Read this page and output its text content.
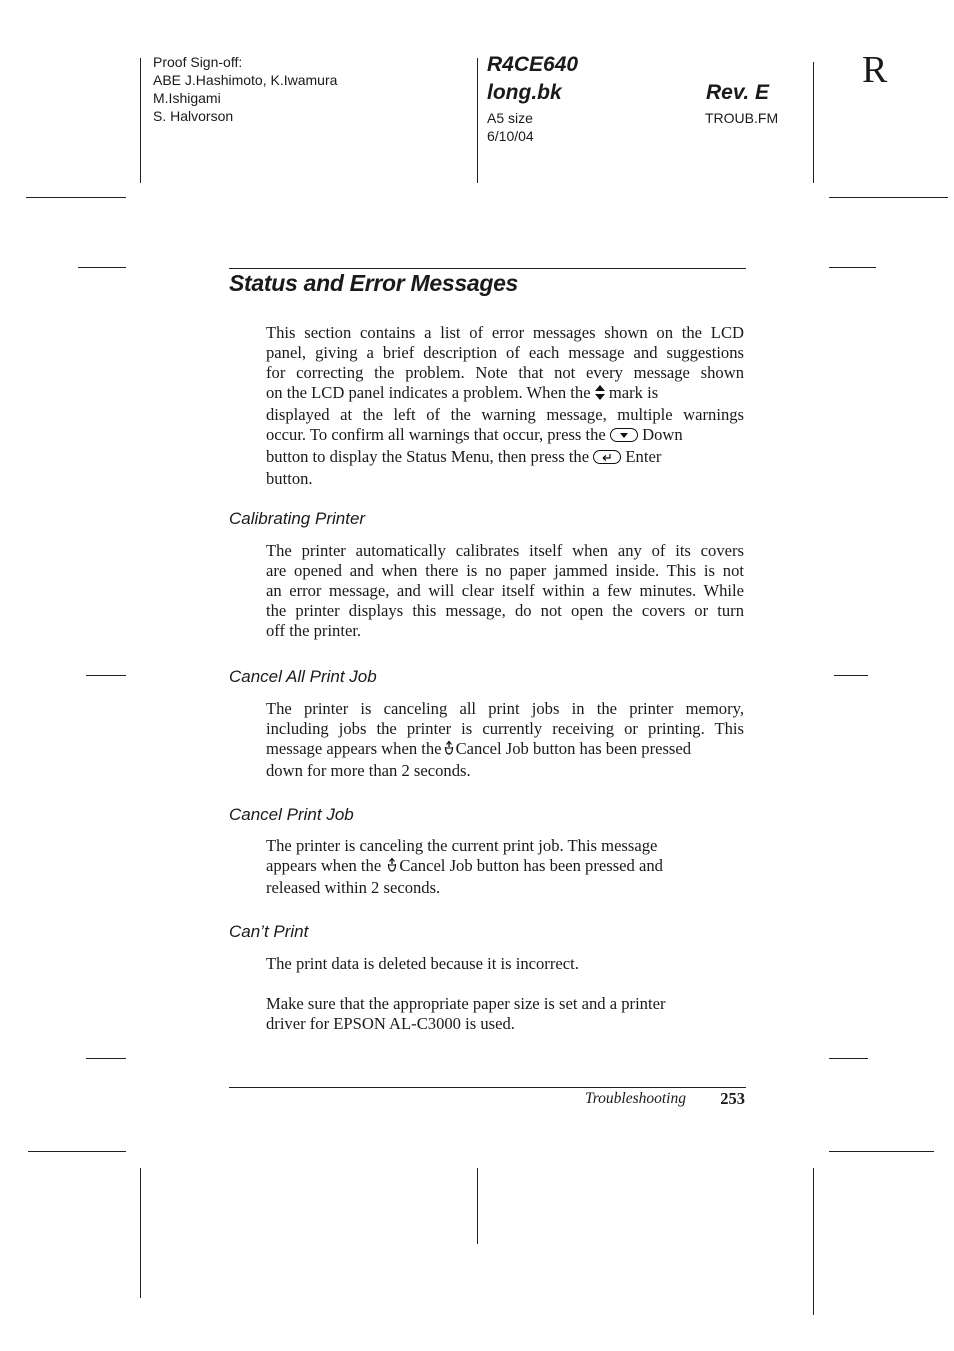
Proof Sign-off:
ABE J.Hashimoto, K.Iwamura
M.Ishigami
S. Halvorson
R4CE640
long.bk	Rev. E
A5 size
6/10/04
TROUB.FM
R
Status and Error Messages
This section contains a list of error messages shown on the LCD
panel, giving a brief description of each message and suggestions
for correcting the problem. Note that not every message shown
on the LCD panel indicates a problem. When the mark is
displayed at the left of the warning message, multiple warnings
occur. To confirm all warnings that occur, press the Down
button to display the Status Menu, then press the Enter
button.
Calibrating Printer
The printer automatically calibrates itself when any of its covers
are opened and when there is no paper jammed inside. This is not
an error message, and will clear itself within a few minutes. While
the printer displays this message, do not open the covers or turn
off the printer.
Cancel All Print Job
The printer is canceling all print jobs in the printer memory,
including jobs the printer is currently receiving or printing. This
message appears when the Cancel Job button has been pressed
down for more than 2 seconds.
Cancel Print Job
The printer is canceling the current print job. This message
appears when the Cancel Job button has been pressed and
released within 2 seconds.
Can’t Print
The print data is deleted because it is incorrect.
Make sure that the appropriate paper size is set and a printer
driver for EPSON AL-C3000 is used.
Troubleshooting	253
